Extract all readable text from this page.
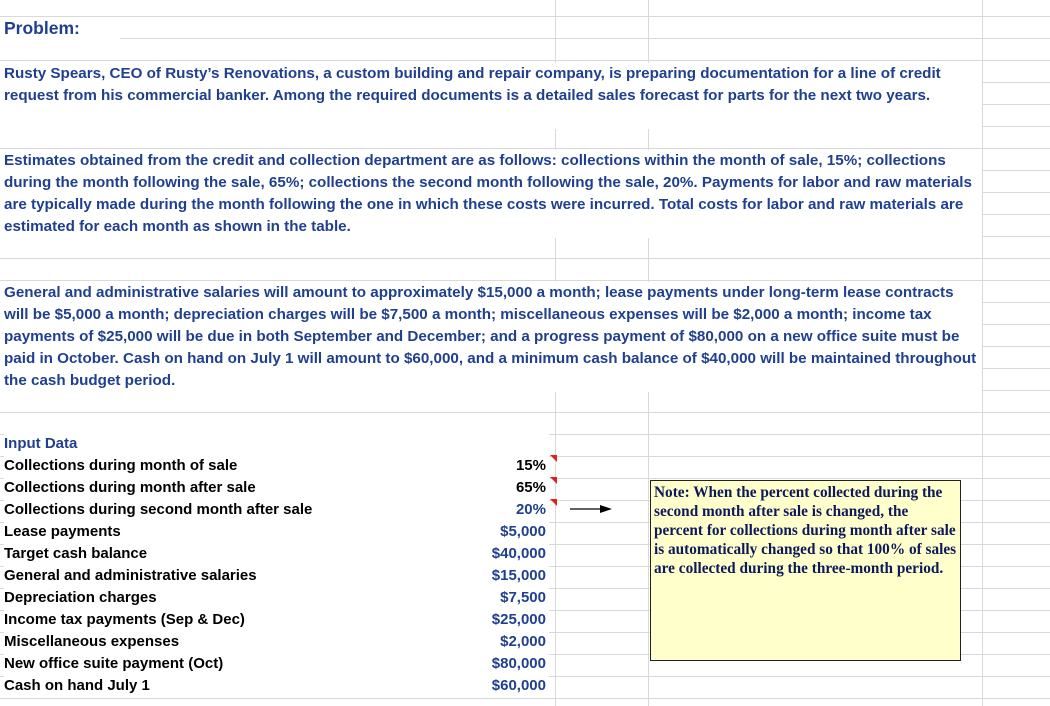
Problem:
Rusty Spears, CEO of Rusty’s Renovations, a custom building and repair company, is preparing documentation for a line of credit request from his commercial banker. Among the required documents is a detailed sales forecast for parts for the next two years.
Estimates obtained from the credit and collection department are as follows: collections within the month of sale, 15%; collections during the month following the sale, 65%; collections the second month following the sale, 20%. Payments for labor and raw materials are typically made during the month following the one in which these costs were incurred. Total costs for labor and raw materials are estimated for each month as shown in the table.
General and administrative salaries will amount to approximately $15,000 a month; lease payments under long-term lease contracts will be $5,000 a month; depreciation charges will be $7,500 a month; miscellaneous expenses will be $2,000 a month; income tax payments of $25,000 will be due in both September and December; and a progress payment of $80,000 on a new office suite must be paid in October. Cash on hand on July 1 will amount to $60,000, and a minimum cash balance of $40,000 will be maintained throughout the cash budget period.
Input Data
Collections during month of sale	15%
Collections during month after sale	65%
Collections during second month after sale	20%
Lease payments	$5,000
Target cash balance	$40,000
General and administrative salaries	$15,000
Depreciation charges	$7,500
Income tax payments (Sep & Dec)	$25,000
Miscellaneous expenses	$2,000
New office suite payment (Oct)	$80,000
Cash on hand July 1	$60,000
Note: When the percent collected during the second month after sale is changed, the percent for collections during month after sale is automatically changed so that 100% of sales are collected during the three-month period.
